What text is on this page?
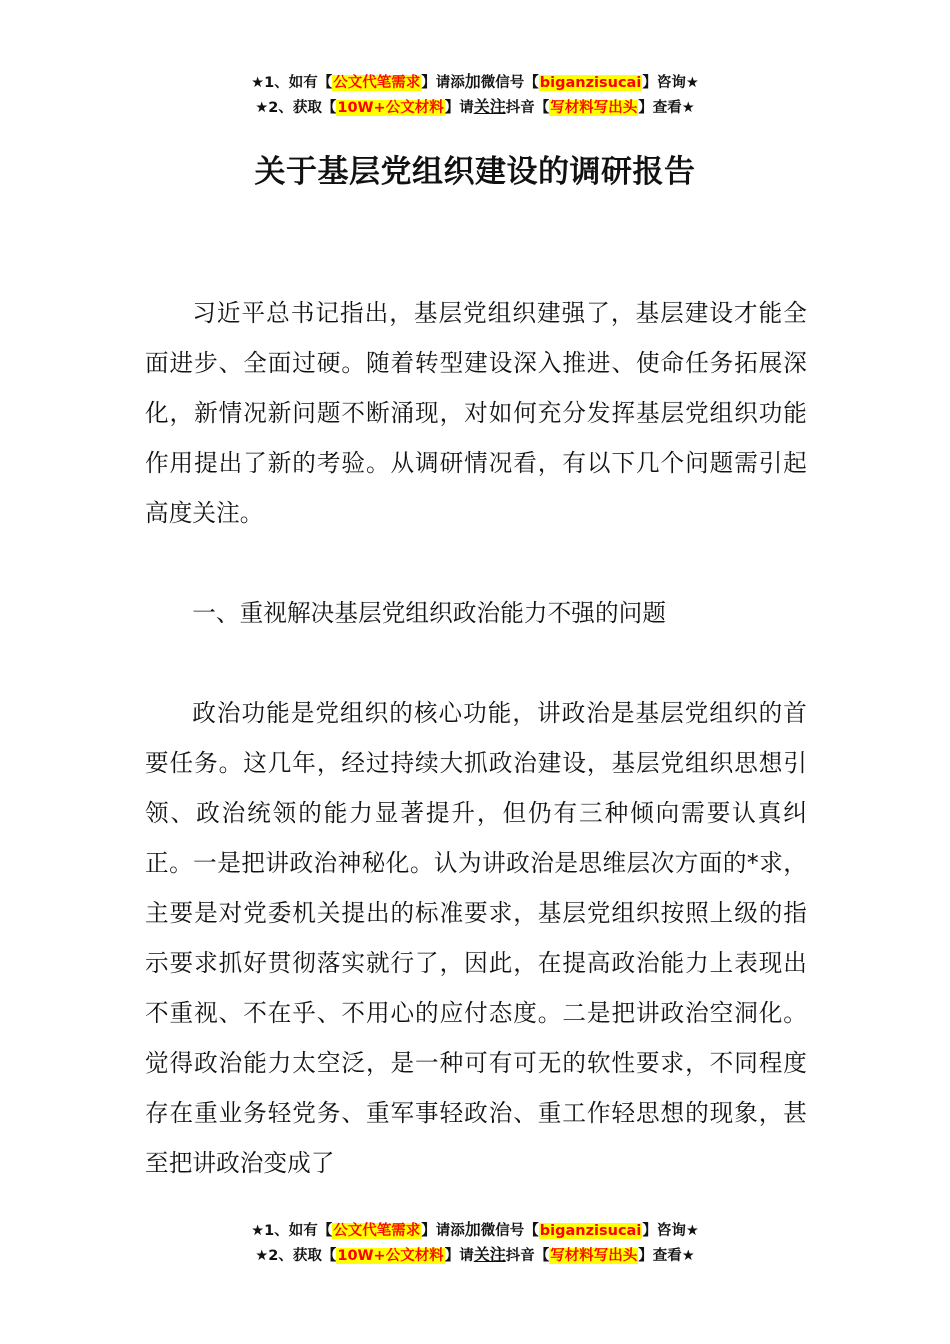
★1、如有【公文代笔需求】请添加微信号【biganzisucai】咨询★
★2、获取【10W+公文材料】请关注抖音【写材料写出头】查看★
关于基层党组织建设的调研报告

习近平总书记指出，基层党组织建强了，基层建设才能全面进步、全面过硬。随着转型建设深入推进、使命任务拓展深化，新情况新问题不断涌现，对如何充分发挥基层党组织功能作用提出了新的考验。从调研情况看，有以下几个问题需引起高度关注。

一、重视解决基层党组织政治能力不强的问题

政治功能是党组织的核心功能，讲政治是基层党组织的首要任务。这几年，经过持续大抓政治建设，基层党组织思想引领、政治统领的能力显著提升，但仍有三种倾向需要认真纠正。一是把讲政治神秘化。认为讲政治是思维层次方面的*求，主要是对党委机关提出的标准要求，基层党组织按照上级的指示要求抓好贯彻落实就行了，因此，在提高政治能力上表现出不重视、不在乎、不用心的应付态度。二是把讲政治空洞化。觉得政治能力太空泛，是一种可有可无的软性要求，不同程度存在重业务轻党务、重军事轻政治、重工作轻思想的现象，甚至把讲政治变成了

★1、如有【公文代笔需求】请添加微信号【biganzisucai】咨询★
★2、获取【10W+公文材料】请关注抖音【写材料写出头】查看★
